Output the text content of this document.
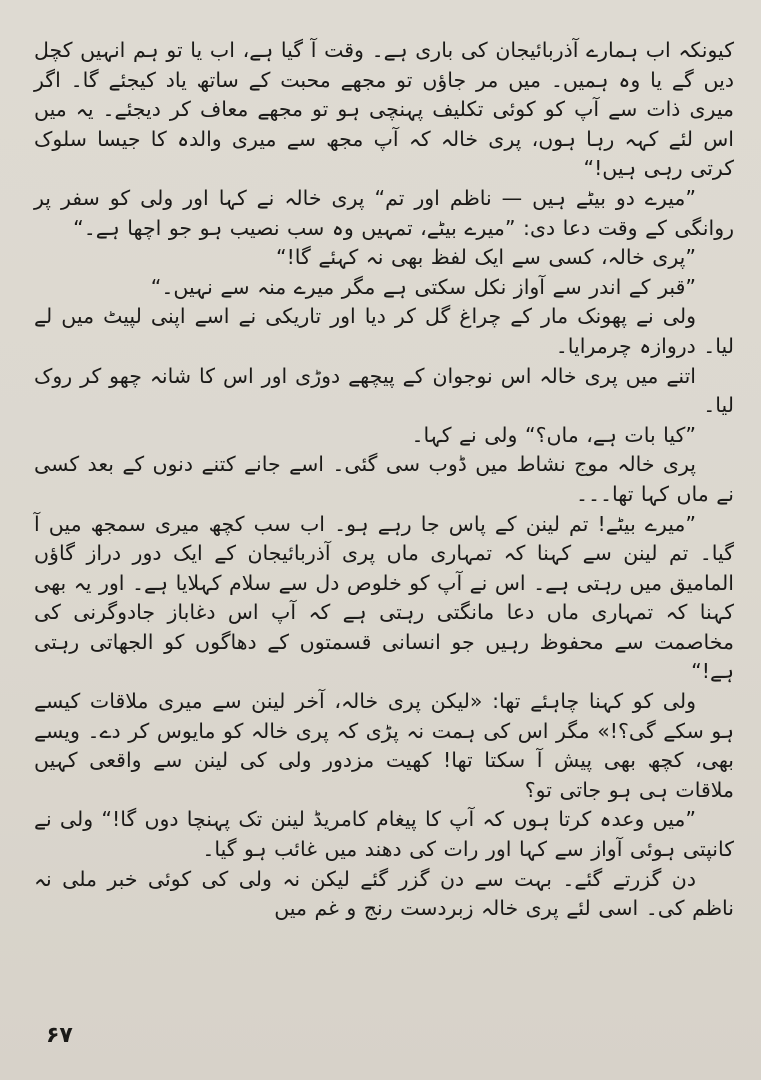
کیونکہ اب ہمارے آذربائیجان کی باری ہے۔ وقت آ گیا ہے، اب یا تو ہم انہیں کچل دیں گے یا وہ ہمیں۔ میں مر جاؤں تو مجھے محبت کے ساتھ یاد کیجئے گا۔ اگر میری ذات سے آپ کو کوئی تکلیف پہنچی ہو تو مجھے معاف کر دیجئے۔ یہ میں اس لئے کہہ رہا ہوں، پری خالہ کہ آپ مجھ سے میری والدہ کا جیسا سلوک کرتی رہی ہیں!“

”میرے دو بیٹے ہیں — ناظم اور تم“ پری خالہ نے کہا اور ولی کو سفر پر روانگی کے وقت دعا دی: ”میرے بیٹے، تمہیں وہ سب نصیب ہو جو اچھا ہے۔“

”پری خالہ، کسی سے ایک لفظ بھی نہ کہئے گا!“

”قبر کے اندر سے آواز نکل سکتی ہے مگر میرے منہ سے نہیں۔“

ولی نے پھونک مار کے چراغ گل کر دیا اور تاریکی نے اسے اپنی لپیٹ میں لے لیا۔ دروازہ چرمرایا۔

اتنے میں پری خالہ اس نوجوان کے پیچھے دوڑی اور اس کا شانہ چھو کر روک لیا۔

”کیا بات ہے، ماں؟“ ولی نے کہا۔

پری خالہ موج نشاط میں ڈوب سی گئی۔ اسے جانے کتنے دنوں کے بعد کسی نے ماں کہا تھا۔۔۔

”میرے بیٹے! تم لینن کے پاس جا رہے ہو۔ اب سب کچھ میری سمجھ میں آ گیا۔ تم لینن سے کہنا کہ تمہاری ماں پری آذربائیجان کے ایک دور دراز گاؤں المامیق میں رہتی ہے۔ اس نے آپ کو خلوص دل سے سلام کہلایا ہے۔ اور یہ بھی کہنا کہ تمہاری ماں دعا مانگتی رہتی ہے کہ آپ اس دغاباز جادوگرنی کی مخاصمت سے محفوظ رہیں جو انسانی قسمتوں کے دھاگوں کو الجھاتی رہتی ہے!“

ولی کو کہنا چاہئے تھا: «لیکن پری خالہ، آخر لینن سے میری ملاقات کیسے ہو سکے گی؟!» مگر اس کی ہمت نہ پڑی کہ پری خالہ کو مایوس کر دے۔ ویسے بھی، کچھ بھی پیش آ سکتا تھا! کھیت مزدور ولی کی لینن سے واقعی کہیں ملاقات ہی ہو جاتی تو؟

”میں وعدہ کرتا ہوں کہ آپ کا پیغام کامریڈ لینن تک پہنچا دوں گا!“ ولی نے کانپتی ہوئی آواز سے کہا اور رات کی دھند میں غائب ہو گیا۔

دن گزرتے گئے۔ بہت سے دن گزر گئے لیکن نہ ولی کی کوئی خبر ملی نہ ناظم کی۔ اسی لئے پری خالہ زبردست رنج و غم میں

۶۷
